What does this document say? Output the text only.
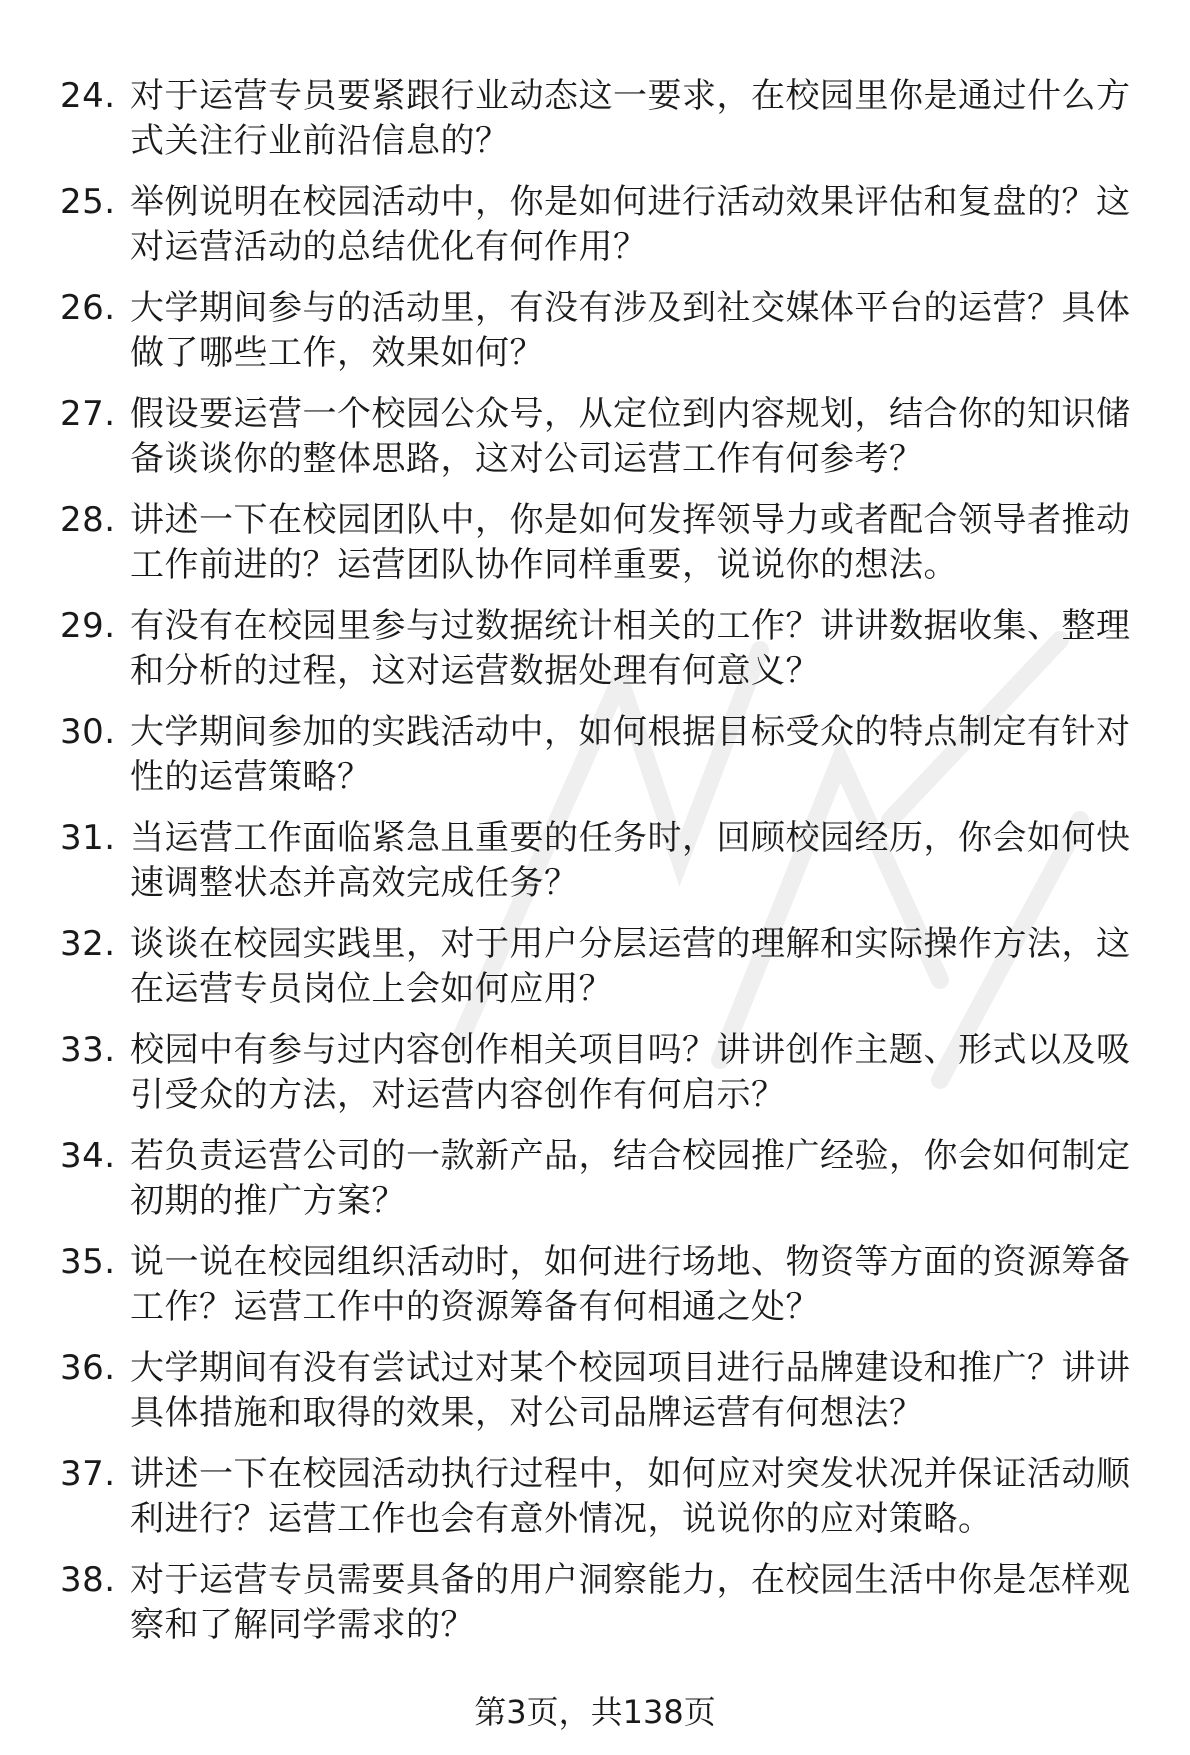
24. 对于运营专员要紧跟行业动态这一要求，在校园里你是通过什么方式关注行业前沿信息的？
25. 举例说明在校园活动中，你是如何进行活动效果评估和复盘的？这对运营活动的总结优化有何作用？
26. 大学期间参与的活动里，有没有涉及到社交媒体平台的运营？具体做了哪些工作，效果如何？
27. 假设要运营一个校园公众号，从定位到内容规划，结合你的知识储备谈谈你的整体思路，这对公司运营工作有何参考？
28. 讲述一下在校园团队中，你是如何发挥领导力或者配合领导者推动工作前进的？运营团队协作同样重要，说说你的想法。
29. 有没有在校园里参与过数据统计相关的工作？讲讲数据收集、整理和分析的过程，这对运营数据处理有何意义？
30. 大学期间参加的实践活动中，如何根据目标受众的特点制定有针对性的运营策略？
31. 当运营工作面临紧急且重要的任务时，回顾校园经历，你会如何快速调整状态并高效完成任务？
32. 谈谈在校园实践里，对于用户分层运营的理解和实际操作方法，这在运营专员岗位上会如何应用？
33. 校园中有参与过内容创作相关项目吗？讲讲创作主题、形式以及吸引受众的方法，对运营内容创作有何启示？
34. 若负责运营公司的一款新产品，结合校园推广经验，你会如何制定初期的推广方案？
35. 说一说在校园组织活动时，如何进行场地、物资等方面的资源筹备工作？运营工作中的资源筹备有何相通之处？
36. 大学期间有没有尝试过对某个校园项目进行品牌建设和推广？讲讲具体措施和取得的效果，对公司品牌运营有何想法？
37. 讲述一下在校园活动执行过程中，如何应对突发状况并保证活动顺利进行？运营工作也会有意外情况，说说你的应对策略。
38. 对于运营专员需要具备的用户洞察能力，在校园生活中你是怎样观察和了解同学需求的？
第3页，共138页
